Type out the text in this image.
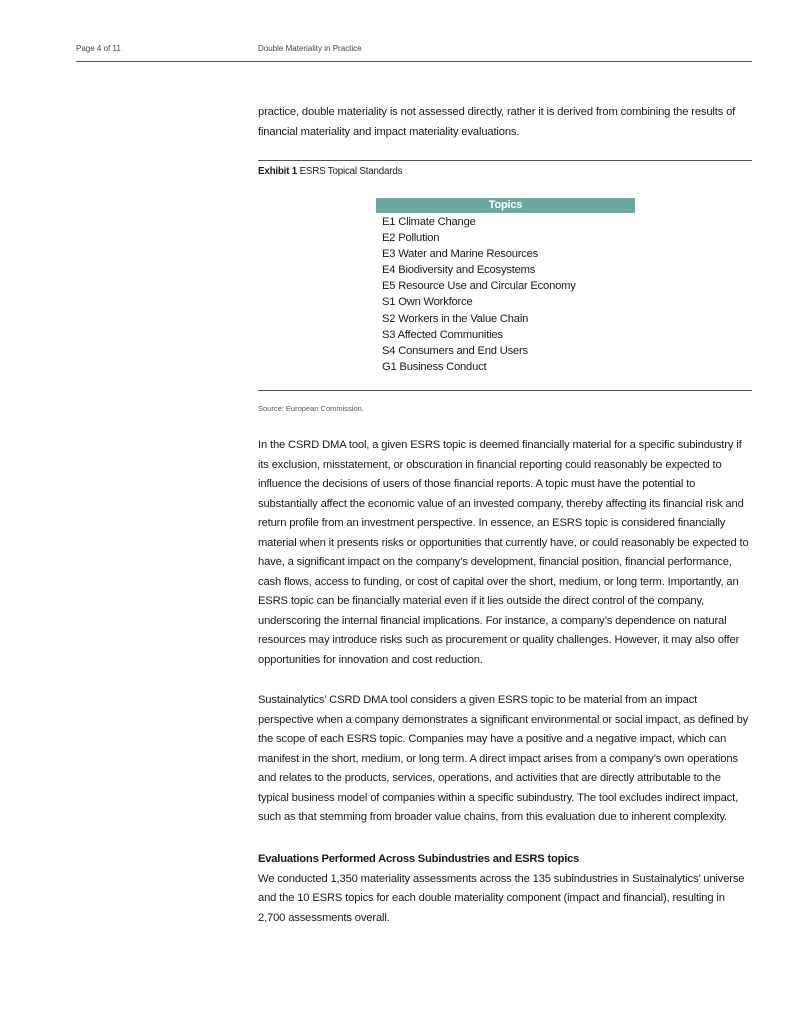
Page 4 of 11	Double Materiality in Practice

practice, double materiality is not assessed directly, rather it is derived from combining the results of financial materiality and impact materiality evaluations.

Exhibit 1 ESRS Topical Standards
Topics
E1 Climate Change
E2 Pollution
E3 Water and Marine Resources
E4 Biodiversity and Ecosystems
E5 Resource Use and Circular Economy
S1 Own Workforce
S2 Workers in the Value Chain
S3 Affected Communities
S4 Consumers and End Users
G1 Business Conduct
Source: European Commission.

In the CSRD DMA tool, a given ESRS topic is deemed financially material for a specific subindustry if its exclusion, misstatement, or obscuration in financial reporting could reasonably be expected to influence the decisions of users of those financial reports. A topic must have the potential to substantially affect the economic value of an invested company, thereby affecting its financial risk and return profile from an investment perspective. In essence, an ESRS topic is considered financially material when it presents risks or opportunities that currently have, or could reasonably be expected to have, a significant impact on the company’s development, financial position, financial performance, cash flows, access to funding, or cost of capital over the short, medium, or long term. Importantly, an ESRS topic can be financially material even if it lies outside the direct control of the company, underscoring the internal financial implications. For instance, a company’s dependence on natural resources may introduce risks such as procurement or quality challenges. However, it may also offer opportunities for innovation and cost reduction.

Sustainalytics’ CSRD DMA tool considers a given ESRS topic to be material from an impact perspective when a company demonstrates a significant environmental or social impact, as defined by the scope of each ESRS topic. Companies may have a positive and a negative impact, which can manifest in the short, medium, or long term. A direct impact arises from a company’s own operations and relates to the products, services, operations, and activities that are directly attributable to the typical business model of companies within a specific subindustry. The tool excludes indirect impact, such as that stemming from broader value chains, from this evaluation due to inherent complexity.

Evaluations Performed Across Subindustries and ESRS topics

We conducted 1,350 materiality assessments across the 135 subindustries in Sustainalytics’ universe and the 10 ESRS topics for each double materiality component (impact and financial), resulting in 2,700 assessments overall.
